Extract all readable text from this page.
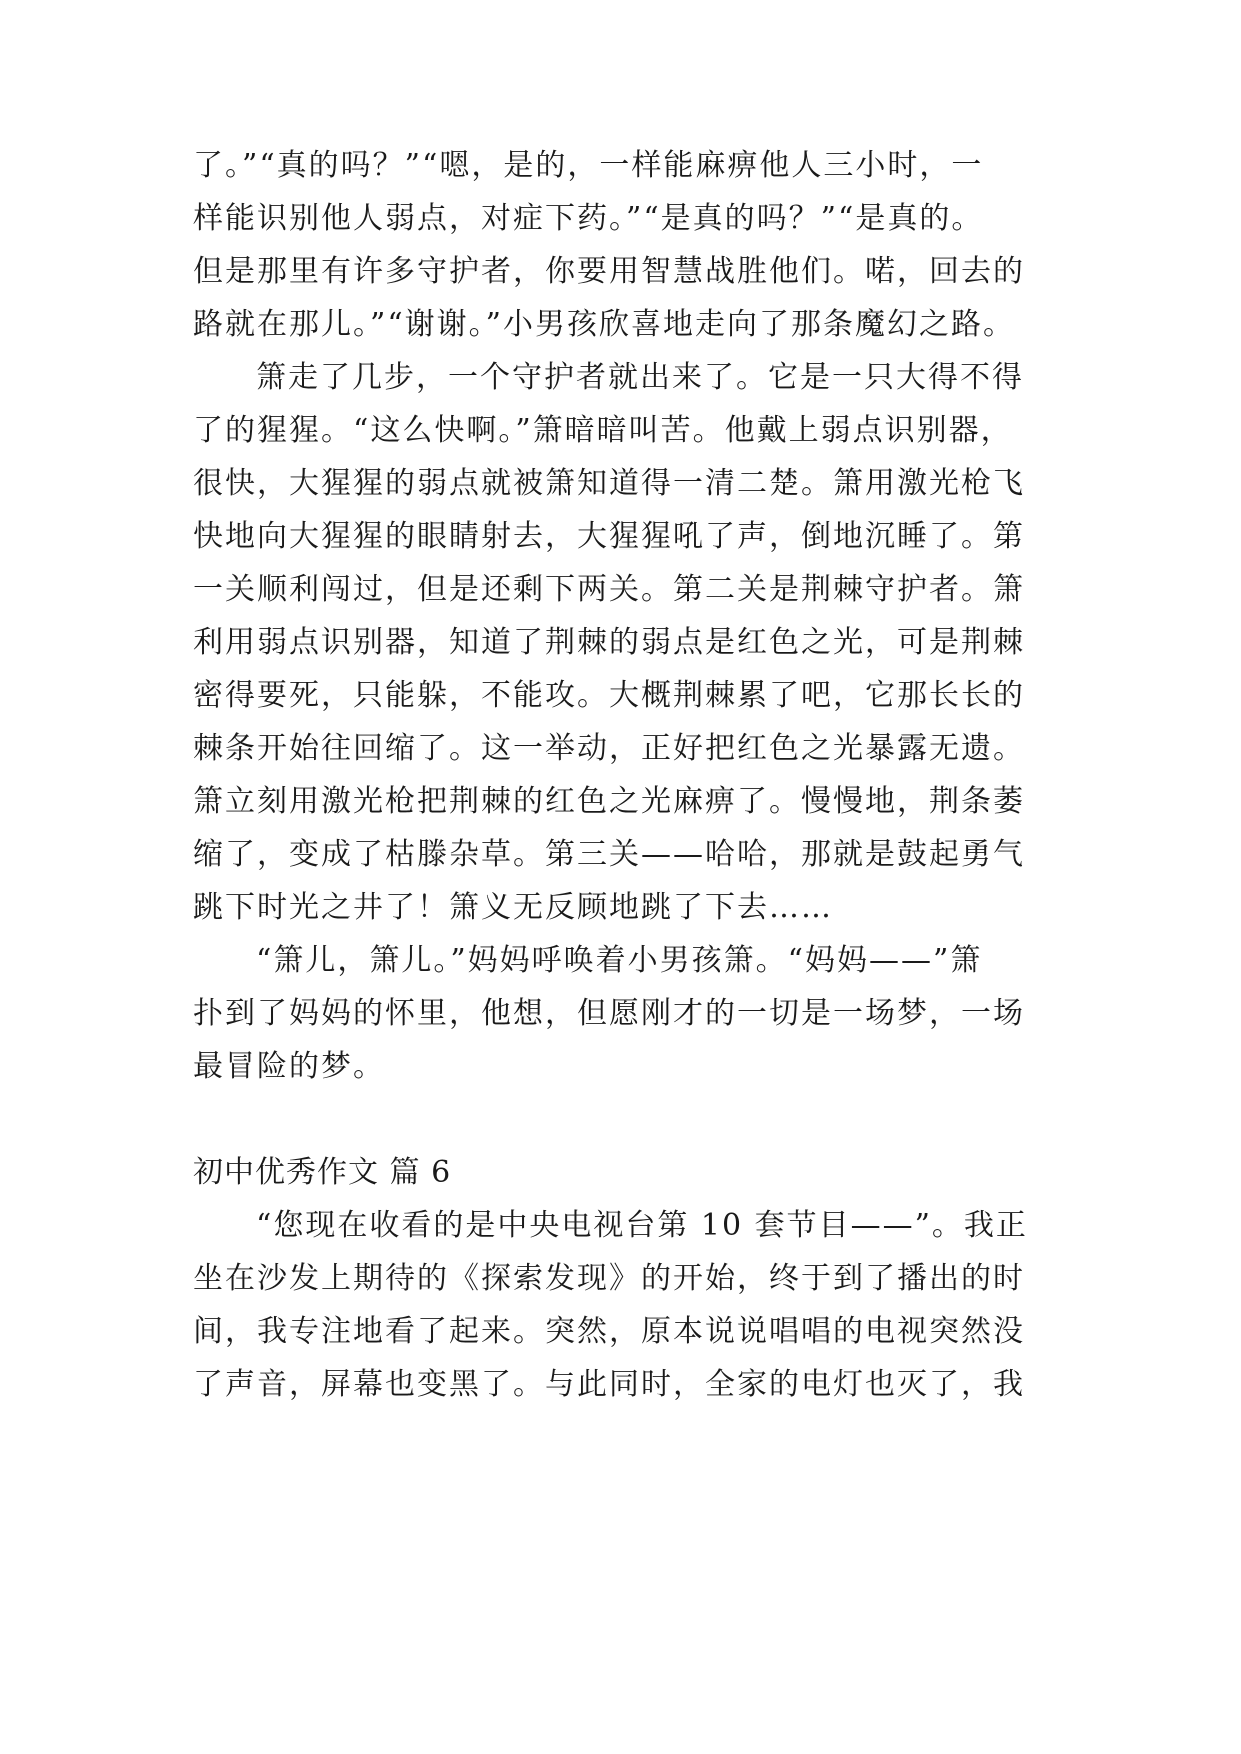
了。”“真的吗？”“嗯，是的，一样能麻痹他人三小时，一
样能识别他人弱点，对症下药。”“是真的吗？”“是真的。
但是那里有许多守护者，你要用智慧战胜他们。喏，回去的
路就在那儿。”“谢谢。”小男孩欣喜地走向了那条魔幻之路。
箫走了几步，一个守护者就出来了。它是一只大得不得
了的猩猩。“这么快啊。”箫暗暗叫苦。他戴上弱点识别器，
很快，大猩猩的弱点就被箫知道得一清二楚。箫用激光枪飞
快地向大猩猩的眼睛射去，大猩猩吼了声，倒地沉睡了。第
一关顺利闯过，但是还剩下两关。第二关是荆棘守护者。箫
利用弱点识别器，知道了荆棘的弱点是红色之光，可是荆棘
密得要死，只能躲，不能攻。大概荆棘累了吧，它那长长的
棘条开始往回缩了。这一举动，正好把红色之光暴露无遗。
箫立刻用激光枪把荆棘的红色之光麻痹了。慢慢地，荆条萎
缩了，变成了枯滕杂草。第三关——哈哈，那就是鼓起勇气
跳下时光之井了！箫义无反顾地跳了下去……
“箫儿，箫儿。”妈妈呼唤着小男孩箫。“妈妈——”箫
扑到了妈妈的怀里，他想，但愿刚才的一切是一场梦，一场
最冒险的梦。
初中优秀作文 篇 6
“您现在收看的是中央电视台第 10 套节目——”。我正
坐在沙发上期待的《探索发现》的开始，终于到了播出的时
间，我专注地看了起来。突然，原本说说唱唱的电视突然没
了声音，屏幕也变黑了。与此同时，全家的电灯也灭了，我
